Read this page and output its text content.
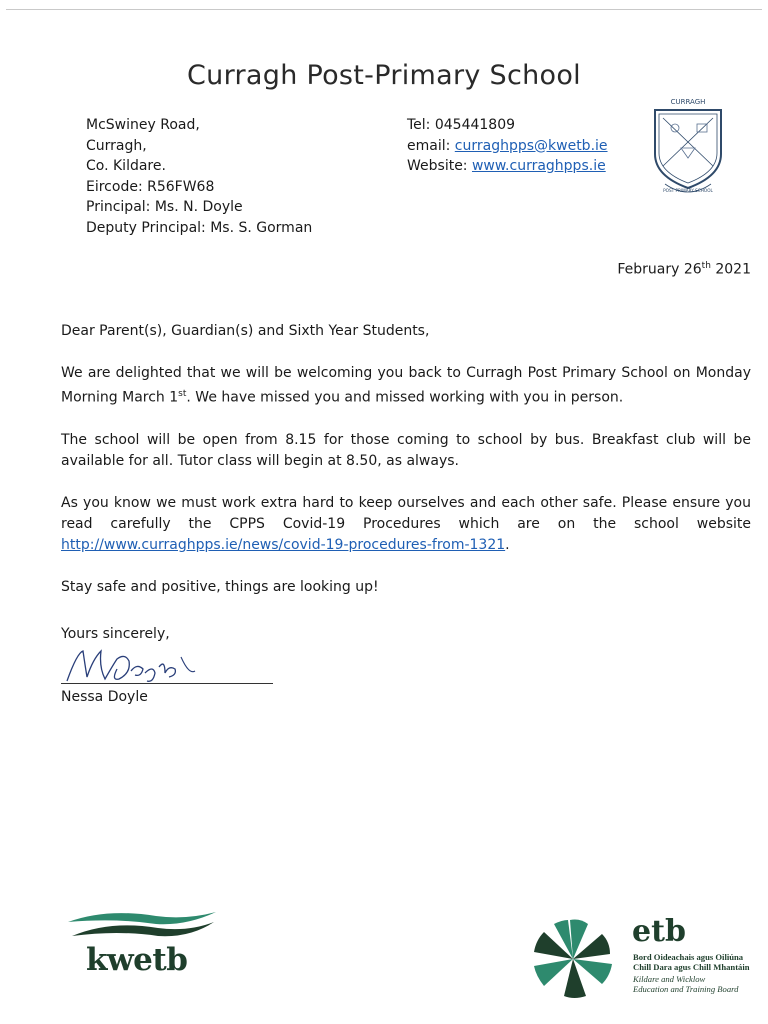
Curragh Post-Primary School
McSwiney Road,
Curragh,
Co. Kildare.
Eircode: R56FW68
Principal: Ms. N. Doyle
Deputy Principal: Ms. S. Gorman
Tel: 045441809
email: curraghpps@kwetb.ie
Website: www.curraghpps.ie
CURRAGH
POST PRIMARY SCHOOL
February 26th 2021

Dear Parent(s), Guardian(s) and Sixth Year Students,

We are delighted that we will be welcoming you back to Curragh Post Primary School on Monday Morning March 1st. We have missed you and missed working with you in person.

The school will be open from 8.15 for those coming to school by bus. Breakfast club will be available for all. Tutor class will begin at 8.50, as always.

As you know we must work extra hard to keep ourselves and each other safe. Please ensure you read carefully the CPPS Covid-19 Procedures which are on the school website http://www.curraghpps.ie/news/covid-19-procedures-from-1321.

Stay safe and positive, things are looking up!

Yours sincerely,
Nessa Doyle
kwetb
etb
Bord Oideachais agus Oiliúna
Chill Dara agus Chill Mhantáin
Kildare and Wicklow
Education and Training Board
